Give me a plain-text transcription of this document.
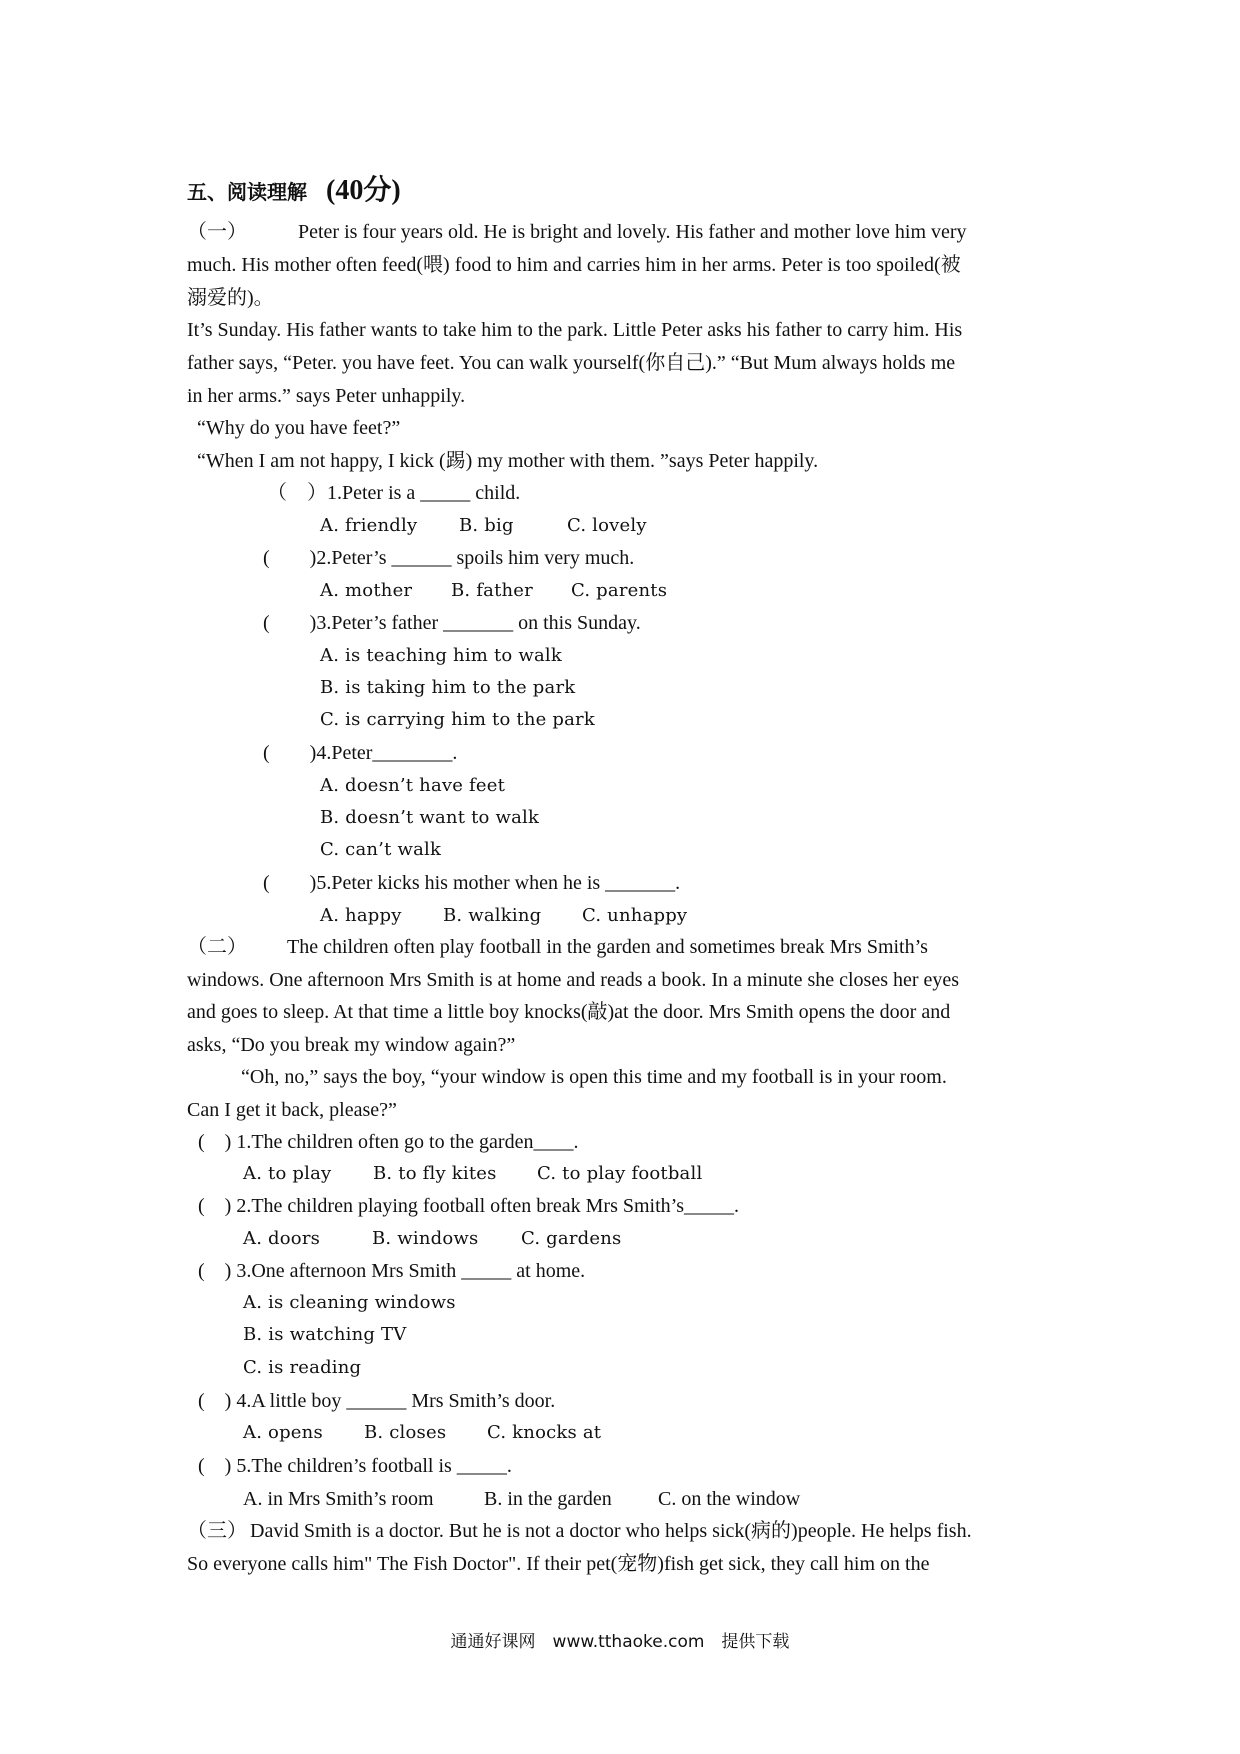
五、阅读理解 (40分)
（一）	Peter is four years old. He is bright and lovely. His father and mother love him very
much. His mother often feed(喂) food to him and carries him in her arms. Peter is too spoiled(被
溺爱的)。
It’s Sunday. His father wants to take him to the park. Little Peter asks his father to carry him. His
father says, “Peter. you have feet. You can walk yourself(你自己).” “But Mum always holds me
in her arms.” says Peter unhappily.
“Why do you have feet?”
“When I am not happy, I kick (踢) my mother with them. ”says Peter happily.
（　）1.Peter is a _____ child.
A. friendly B. big	C. lovely
(　　)2.Peter’s ______ spoils him very much.
A. mother B. father C. parents
(　　)3.Peter’s father _______ on this Sunday.
A. is teaching him to walk
B. is taking him to the park
C. is carrying him to the park
(　　)4.Peter________.
A. doesn’t have feet
B. doesn’t want to walk
C. can’t walk
(　　)5.Peter kicks his mother when he is _______.
A. happy B. walking C. unhappy
（二） The children often play football in the garden and sometimes break Mrs Smith’s
windows. One afternoon Mrs Smith is at home and reads a book. In a minute she closes her eyes
and goes to sleep. At that time a little boy knocks(敲)at the door. Mrs Smith opens the door and
asks, “Do you break my window again?”
“Oh, no,” says the boy, “your window is open this time and my football is in your room.
Can I get it back, please?”
(　) 1.The children often go to the garden____.
A. to play B. to fly kites C. to play football
(　) 2.The children playing football often break Mrs Smith’s_____.
A. doors	B. windows C. gardens
(　) 3.One afternoon Mrs Smith _____ at home.
A. is cleaning windows
B. is watching TV
C. is reading
(　) 4.A little boy ______ Mrs Smith’s door.
A. opens B. closes C. knocks at
(　) 5.The children’s football is _____.
A. in Mrs Smith’s room	B. in the garden C. on the window
（三） David Smith is a doctor. But he is not a doctor who helps sick(病的)people. He helps fish.
So everyone calls him" The Fish Doctor". If their pet(宠物)fish get sick, they call him on the
通通好课网　www.tthaoke.com　提供下载
